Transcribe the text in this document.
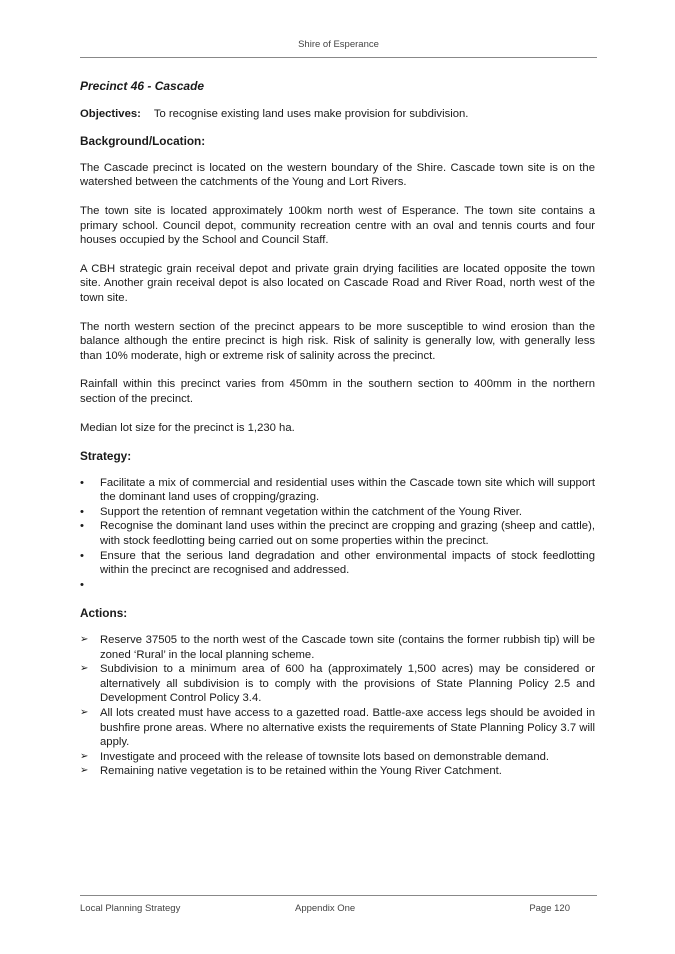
Shire of Esperance
Precinct 46 - Cascade
Objectives: To recognise existing land uses make provision for subdivision.
Background/Location:

The Cascade precinct is located on the western boundary of the Shire. Cascade town site is on the watershed between the catchments of the Young and Lort Rivers.

The town site is located approximately 100km north west of Esperance. The town site contains a primary school. Council depot, community recreation centre with an oval and tennis courts and four houses occupied by the School and Council Staff.

A CBH strategic grain receival depot and private grain drying facilities are located opposite the town site. Another grain receival depot is also located on Cascade Road and River Road, north west of the town site.

The north western section of the precinct appears to be more susceptible to wind erosion than the balance although the entire precinct is high risk. Risk of salinity is generally low, with generally less than 10% moderate, high or extreme risk of salinity across the precinct.

Rainfall within this precinct varies from 450mm in the southern section to 400mm in the northern section of the precinct.

Median lot size for the precinct is 1,230 ha.

Strategy:
• Facilitate a mix of commercial and residential uses within the Cascade town site which will support the dominant land uses of cropping/grazing.
• Support the retention of remnant vegetation within the catchment of the Young River.
• Recognise the dominant land uses within the precinct are cropping and grazing (sheep and cattle), with stock feedlotting being carried out on some properties within the precinct.
• Ensure that the serious land degradation and other environmental impacts of stock feedlotting within the precinct are recognised and addressed.
•

Actions:
➢ Reserve 37505 to the north west of the Cascade town site (contains the former rubbish tip) will be zoned ‘Rural’ in the local planning scheme.
➢ Subdivision to a minimum area of 600 ha (approximately 1,500 acres) may be considered or alternatively all subdivision is to comply with the provisions of State Planning Policy 2.5 and Development Control Policy 3.4.
➢ All lots created must have access to a gazetted road. Battle-axe access legs should be avoided in bushfire prone areas. Where no alternative exists the requirements of State Planning Policy 3.7 will apply.
➢ Investigate and proceed with the release of townsite lots based on demonstrable demand.
➢ Remaining native vegetation is to be retained within the Young River Catchment.
Local Planning Strategy	Appendix One	Page 120
